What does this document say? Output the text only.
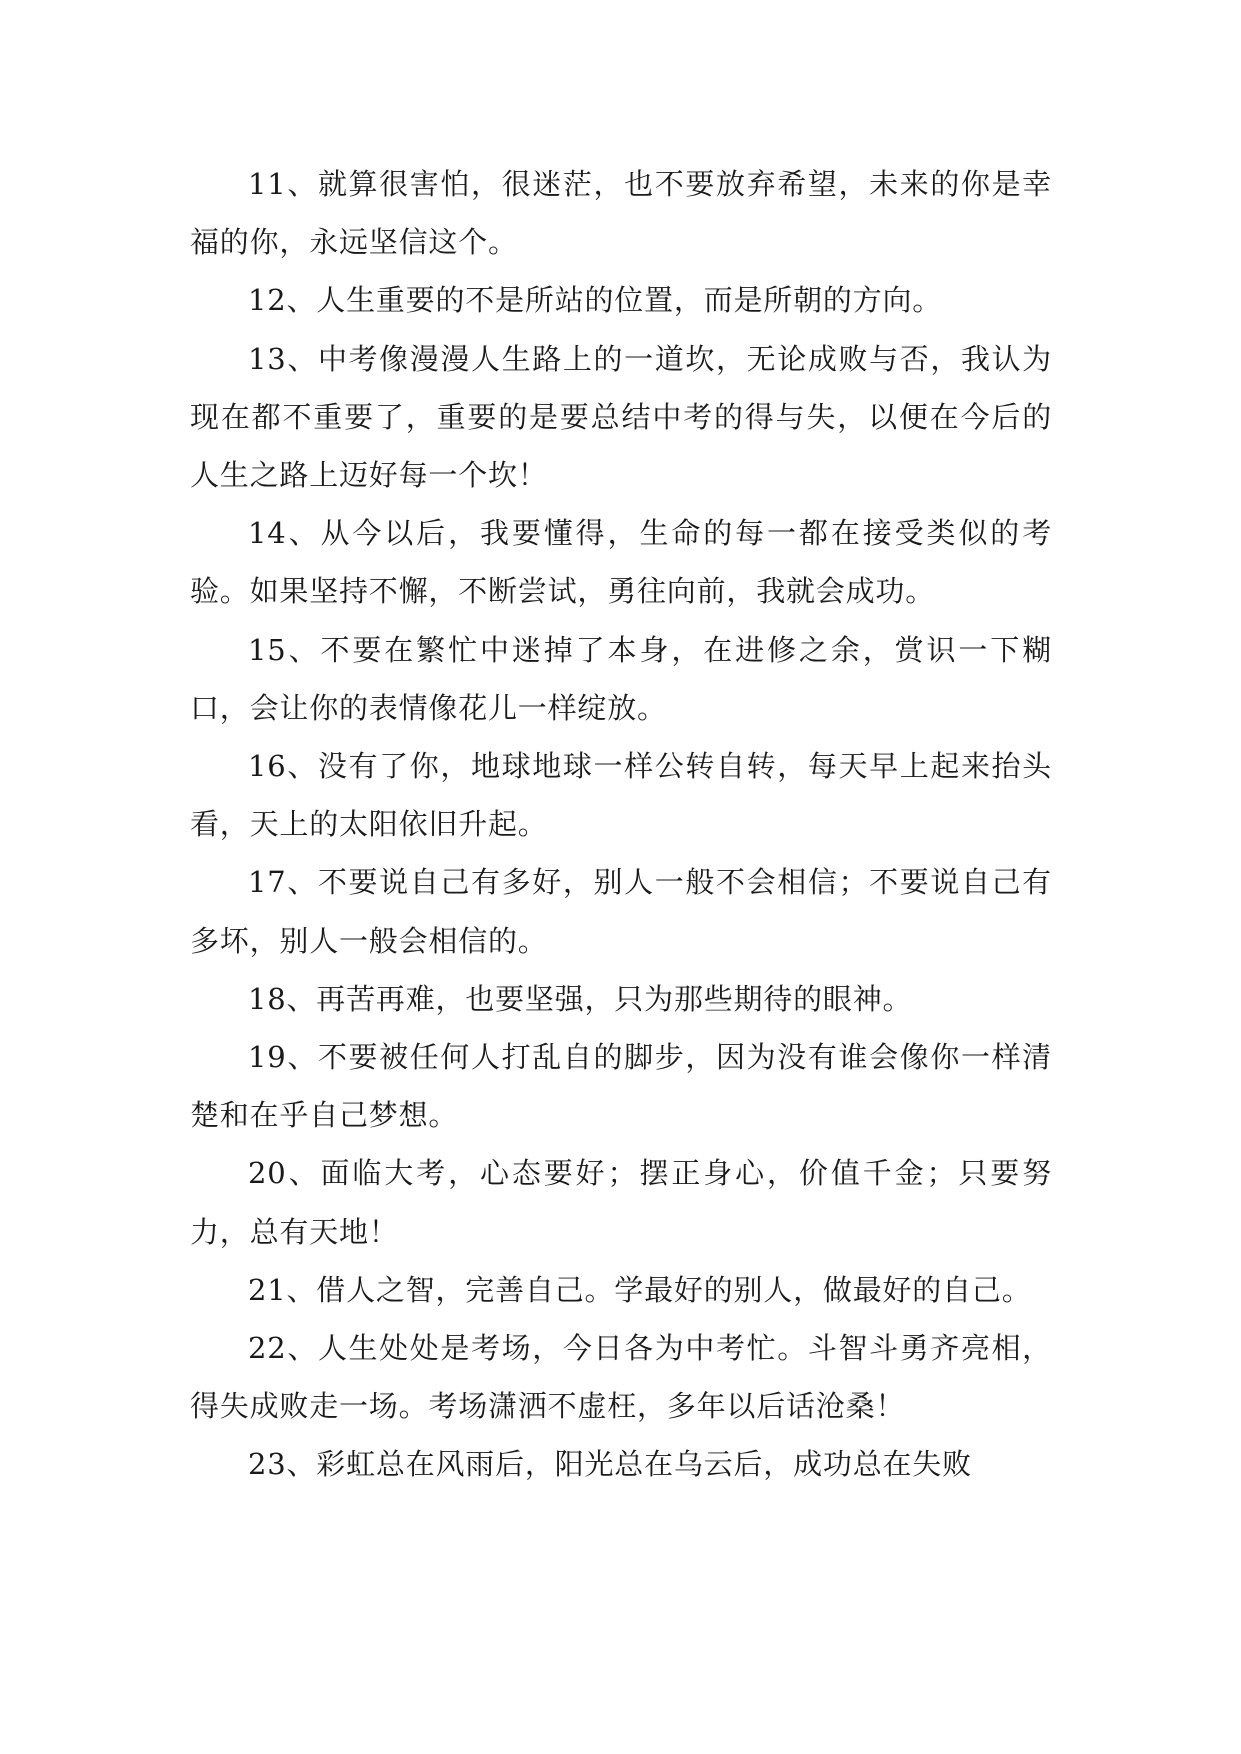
11、就算很害怕，很迷茫，也不要放弃希望，未来的你是幸福的你，永远坚信这个。

12、人生重要的不是所站的位置，而是所朝的方向。

13、中考像漫漫人生路上的一道坎，无论成败与否，我认为现在都不重要了，重要的是要总结中考的得与失，以便在今后的人生之路上迈好每一个坎！

14、从今以后，我要懂得，生命的每一都在接受类似的考验。如果坚持不懈，不断尝试，勇往向前，我就会成功。

15、不要在繁忙中迷掉了本身，在进修之余，赏识一下糊口，会让你的表情像花儿一样绽放。

16、没有了你，地球地球一样公转自转，每天早上起来抬头看，天上的太阳依旧升起。

17、不要说自己有多好，别人一般不会相信；不要说自己有多坏，别人一般会相信的。

18、再苦再难，也要坚强，只为那些期待的眼神。

19、不要被任何人打乱自的脚步，因为没有谁会像你一样清楚和在乎自己梦想。

20、面临大考，心态要好；摆正身心，价值千金；只要努力，总有天地！

21、借人之智，完善自己。学最好的别人，做最好的自己。

22、人生处处是考场，今日各为中考忙。斗智斗勇齐亮相，得失成败走一场。考场潇洒不虚枉，多年以后话沧桑！

23、彩虹总在风雨后，阳光总在乌云后，成功总在失败
